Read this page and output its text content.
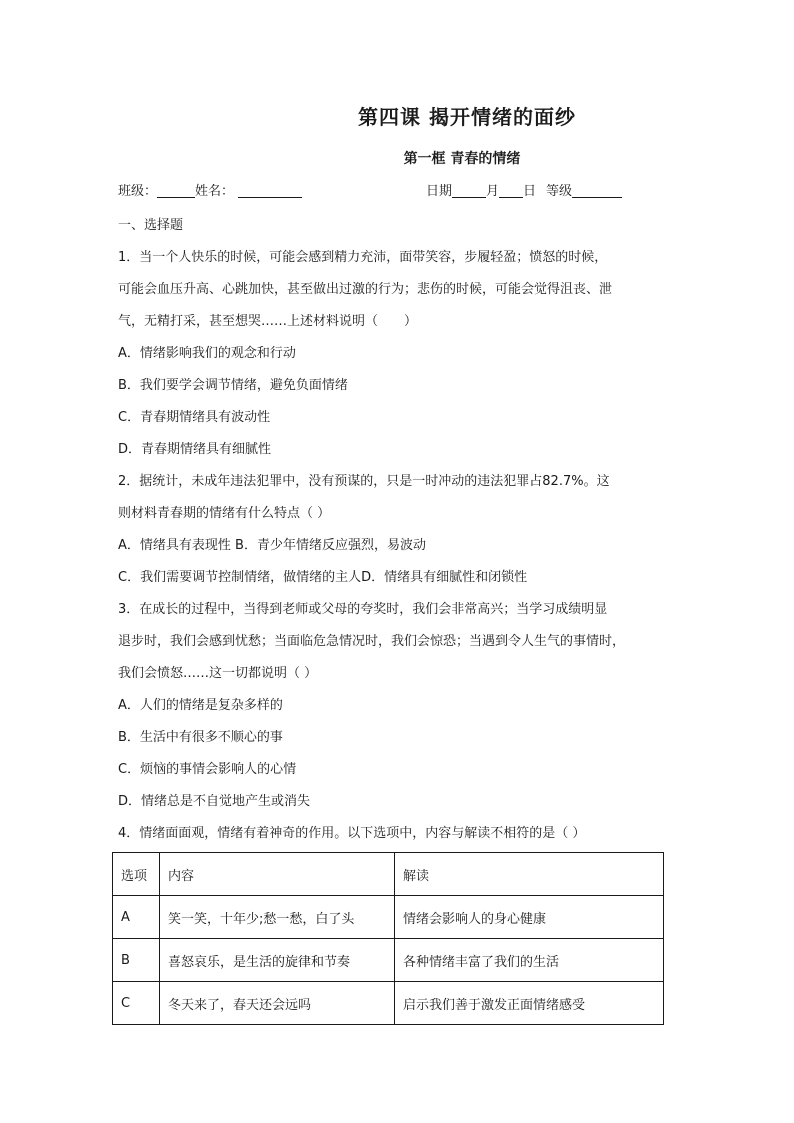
第四课 揭开情绪的面纱
第一框 青春的情绪
班级：	姓名：	日期	月 日 等级
一、选择题
1．当一个人快乐的时候，可能会感到精力充沛，面带笑容，步履轻盈；愤怒的时候，
可能会血压升高、心跳加快，甚至做出过激的行为；悲伤的时候，可能会觉得沮丧、泄
气，无精打采，甚至想哭……上述材料说明（　　）
A．情绪影响我们的观念和行动
B．我们要学会调节情绪，避免负面情绪
C．青春期情绪具有波动性
D．青春期情绪具有细腻性
2．据统计，未成年违法犯罪中，没有预谋的，只是一时冲动的违法犯罪占82.7%。这
则材料青春期的情绪有什么特点（ ）
A．情绪具有表现性 B．青少年情绪反应强烈，易波动
C．我们需要调节控制情绪，做情绪的主人D．情绪具有细腻性和闭锁性
3．在成长的过程中，当得到老师或父母的夸奖时，我们会非常高兴；当学习成绩明显
退步时，我们会感到忧愁；当面临危急情况时，我们会惊恐；当遇到令人生气的事情时，
我们会愤怒……这一切都说明（ ）
A．人们的情绪是复杂多样的
B．生活中有很多不顺心的事
C．烦恼的事情会影响人的心情
D．情绪总是不自觉地产生或消失
4．情绪面面观，情绪有着神奇的作用。以下选项中，内容与解读不相符的是（ ）
选项	内容	解读
A	笑一笑，十年少;愁一愁，白了头	情绪会影响人的身心健康
B	喜怒哀乐，是生活的旋律和节奏	各种情绪丰富了我们的生活
C	冬天来了，春天还会远吗	启示我们善于激发正面情绪感受
